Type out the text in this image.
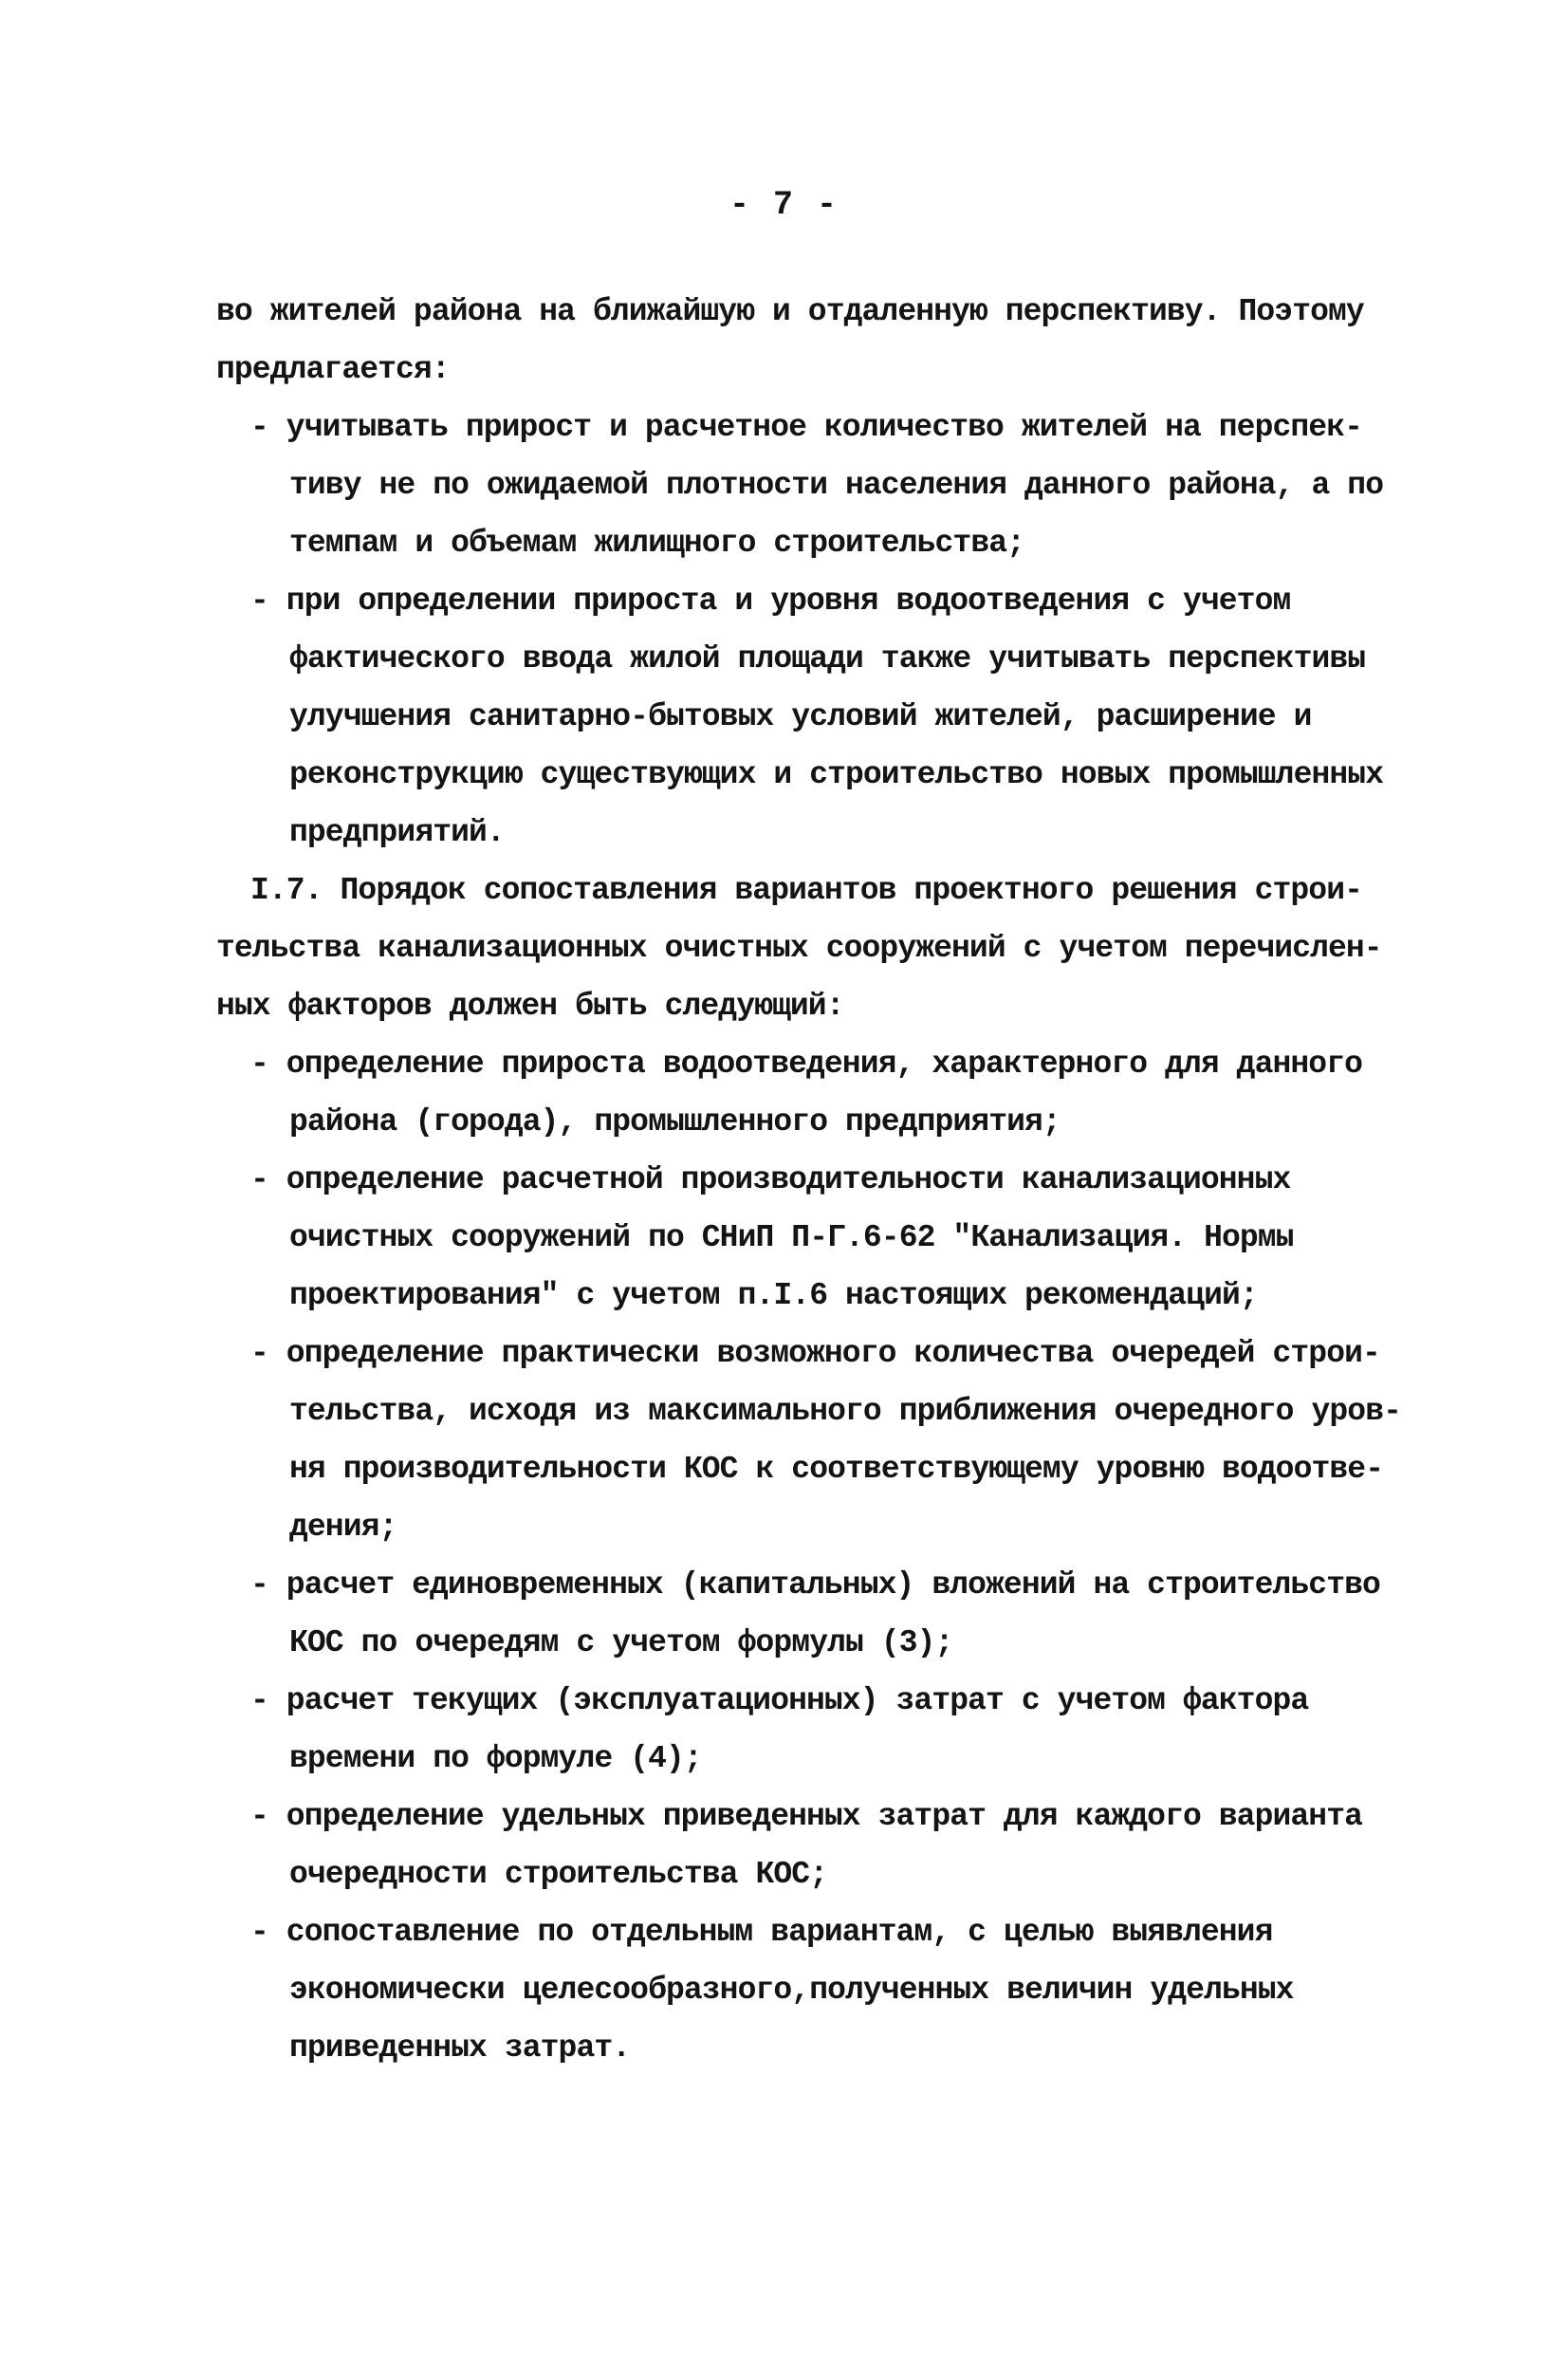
- 7 -
во жителей района на ближайшую и отдаленную перспективу. Поэтому
предлагается:
- учитывать прирост и расчетное количество жителей на перспек-
тиву не по ожидаемой плотности населения данного района, а по
темпам и объемам жилищного строительства;
- при определении прироста и уровня водоотведения с учетом
фактического ввода жилой площади также учитывать перспективы
улучшения санитарно-бытовых условий жителей, расширение и
реконструкцию существующих и строительство новых промышленных
предприятий.
I.7. Порядок сопоставления вариантов проектного решения строи-
тельства канализационных очистных сооружений с учетом перечислен-
ных факторов должен быть следующий:
- определение прироста водоотведения, характерного для данного
района (города), промышленного предприятия;
- определение расчетной производительности канализационных
очистных сооружений по СНиП П-Г.6-62 "Канализация. Нормы
проектирования" с учетом п.I.6 настоящих рекомендаций;
- определение практически возможного количества очередей строи-
тельства, исходя из максимального приближения очередного уров-
ня производительности КОС к соответствующему уровню водоотве-
дения;
- расчет единовременных (капитальных) вложений на строительство
КОС по очередям с учетом формулы (3);
- расчет текущих (эксплуатационных) затрат с учетом фактора
времени по формуле (4);
- определение удельных приведенных затрат для каждого варианта
очередности строительства КОС;
- сопоставление по отдельным вариантам, с целью выявления
экономически целесообразного,полученных величин удельных
приведенных затрат.
